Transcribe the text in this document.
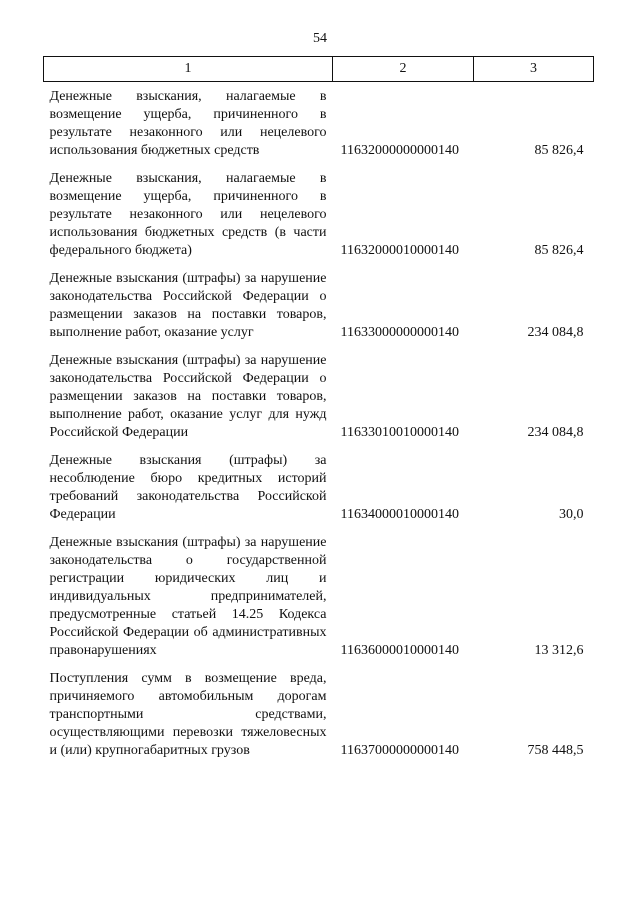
54
1	2	3
Денежные взыскания, налагаемые в возмещение ущерба, причиненного в результате незаконного или нецелевого использования бюджетных средств	11632000000000140	85 826,4
Денежные взыскания, налагаемые в возмещение ущерба, причиненного в результате незаконного или нецелевого использования бюджетных средств (в части федерального бюджета)	11632000010000140	85 826,4
Денежные взыскания (штрафы) за нарушение законодательства Российской Федерации о размещении заказов на поставки товаров, выполнение работ, оказание услуг	11633000000000140	234 084,8
Денежные взыскания (штрафы) за нарушение законодательства Российской Федерации о размещении заказов на поставки товаров, выполнение работ, оказание услуг для нужд Российской Федерации	11633010010000140	234 084,8
Денежные взыскания (штрафы) за несоблюдение бюро кредитных историй требований законодательства Российской Федерации	11634000010000140	30,0
Денежные взыскания (штрафы) за нарушение законодательства о государственной регистрации юридических лиц и индивидуальных предпринимателей, предусмотренные статьей 14.25 Кодекса Российской Федерации об административных правонарушениях	11636000010000140	13 312,6
Поступления сумм в возмещение вреда, причиняемого автомобильным дорогам транспортными средствами, осуществляющими перевозки тяжеловесных и (или) крупногабаритных грузов	11637000000000140	758 448,5
